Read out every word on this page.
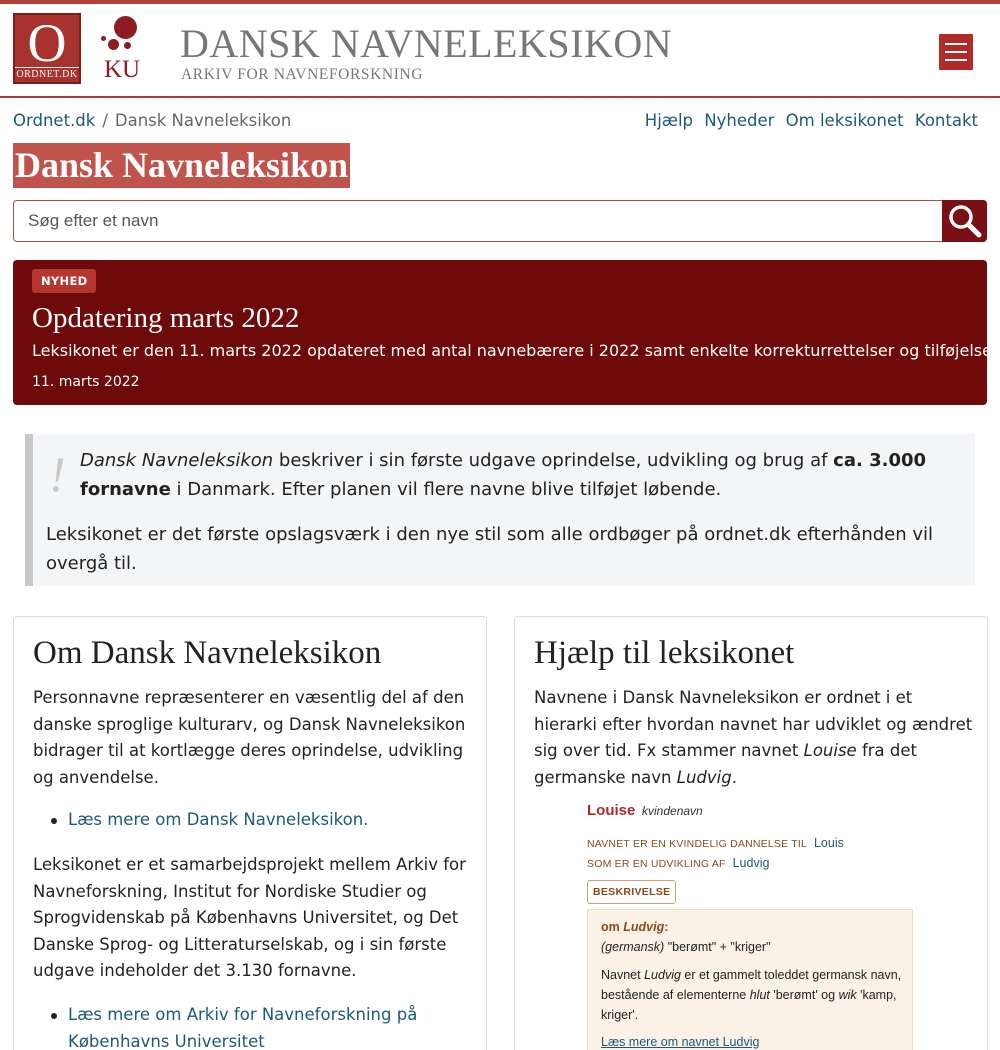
O
ORDNET.DK KU
DANSK NAVNELEKSIKON
ARKIV FOR NAVNEFORSKNING
Ordnet.dk / Dansk Navneleksikon	Hjælp Nyheder Om leksikonet Kontakt
Dansk Navneleksikon
Søg efter et navn
NYHED
Opdatering marts 2022
Leksikonet er den 11. marts 2022 opdateret med antal navnebærere i 2022 samt enkelte korrekturrettelser og tilføjelser
11. marts 2022
! Dansk Navneleksikon beskriver i sin første udgave oprindelse, udvikling og brug af ca. 3.000 fornavne i Danmark. Efter planen vil flere navne blive tilføjet løbende.

Leksikonet er det første opslagsværk i den nye stil som alle ordbøger på ordnet.dk efterhånden vil overgå til.

Om Dansk Navneleksikon

Personnavne repræsenterer en væsentlig del af den danske sproglige kulturarv, og Dansk Navneleksikon bidrager til at kortlægge deres oprindelse, udvikling og anvendelse.

Læs mere om Dansk Navneleksikon.

Leksikonet er et samarbejdsprojekt mellem Arkiv for Navneforskning, Institut for Nordiske Studier og Sprogvidenskab på Københavns Universitet, og Det Danske Sprog- og Litteraturselskab, og i sin første udgave indeholder det 3.130 fornavne.

Læs mere om Arkiv for Navneforskning på Københavns Universitet
Hjælp til leksikonet

Navnene i Dansk Navneleksikon er ordnet i et hierarki efter hvordan navnet har udviklet og ændret sig over tid. Fx stammer navnet Louise fra det germanske navn Ludvig.

Louise kvindenavn
NAVNET ER EN KVINDELIG DANNELSE TIL Louis
SOM ER EN UDVIKLING AF Ludvig
BESKRIVELSE
om Ludvig:
(germansk) "berømt" + "kriger"
Navnet Ludvig er et gammelt toleddet germansk navn, bestående af elementerne hlut 'berømt' og wik 'kamp, kriger'.
Læs mere om navnet Ludvig
